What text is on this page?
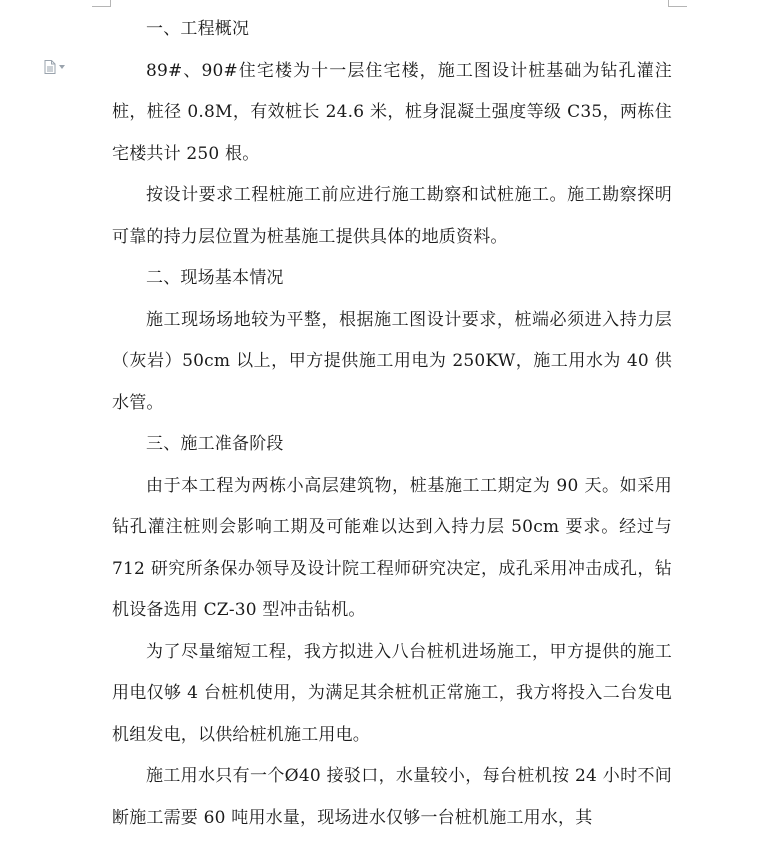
一、工程概况

89#、90#住宅楼为十一层住宅楼，施工图设计桩基础为钻孔灌注桩，桩径 0.8M，有效桩长 24.6 米，桩身混凝土强度等级 C35，两栋住宅楼共计 250 根。

按设计要求工程桩施工前应进行施工勘察和试桩施工。施工勘察探明可靠的持力层位置为桩基施工提供具体的地质资料。

二、现场基本情况

施工现场场地较为平整，根据施工图设计要求，桩端必须进入持力层（灰岩）50cm 以上，甲方提供施工用电为 250KW，施工用水为 40 供水管。

三、施工准备阶段

由于本工程为两栋小高层建筑物，桩基施工工期定为 90 天。如采用钻孔灌注桩则会影响工期及可能难以达到入持力层 50cm 要求。经过与 712 研究所条保办领导及设计院工程师研究决定，成孔采用冲击成孔，钻机设备选用 CZ-30 型冲击钻机。

为了尽量缩短工程，我方拟进入八台桩机进场施工，甲方提供的施工用电仅够 4 台桩机使用，为满足其余桩机正常施工，我方将投入二台发电机组发电，以供给桩机施工用电。

施工用水只有一个Ø40 接驳口，水量较小，每台桩机按 24 小时不间断施工需要 60 吨用水量，现场进水仅够一台桩机施工用水，其
